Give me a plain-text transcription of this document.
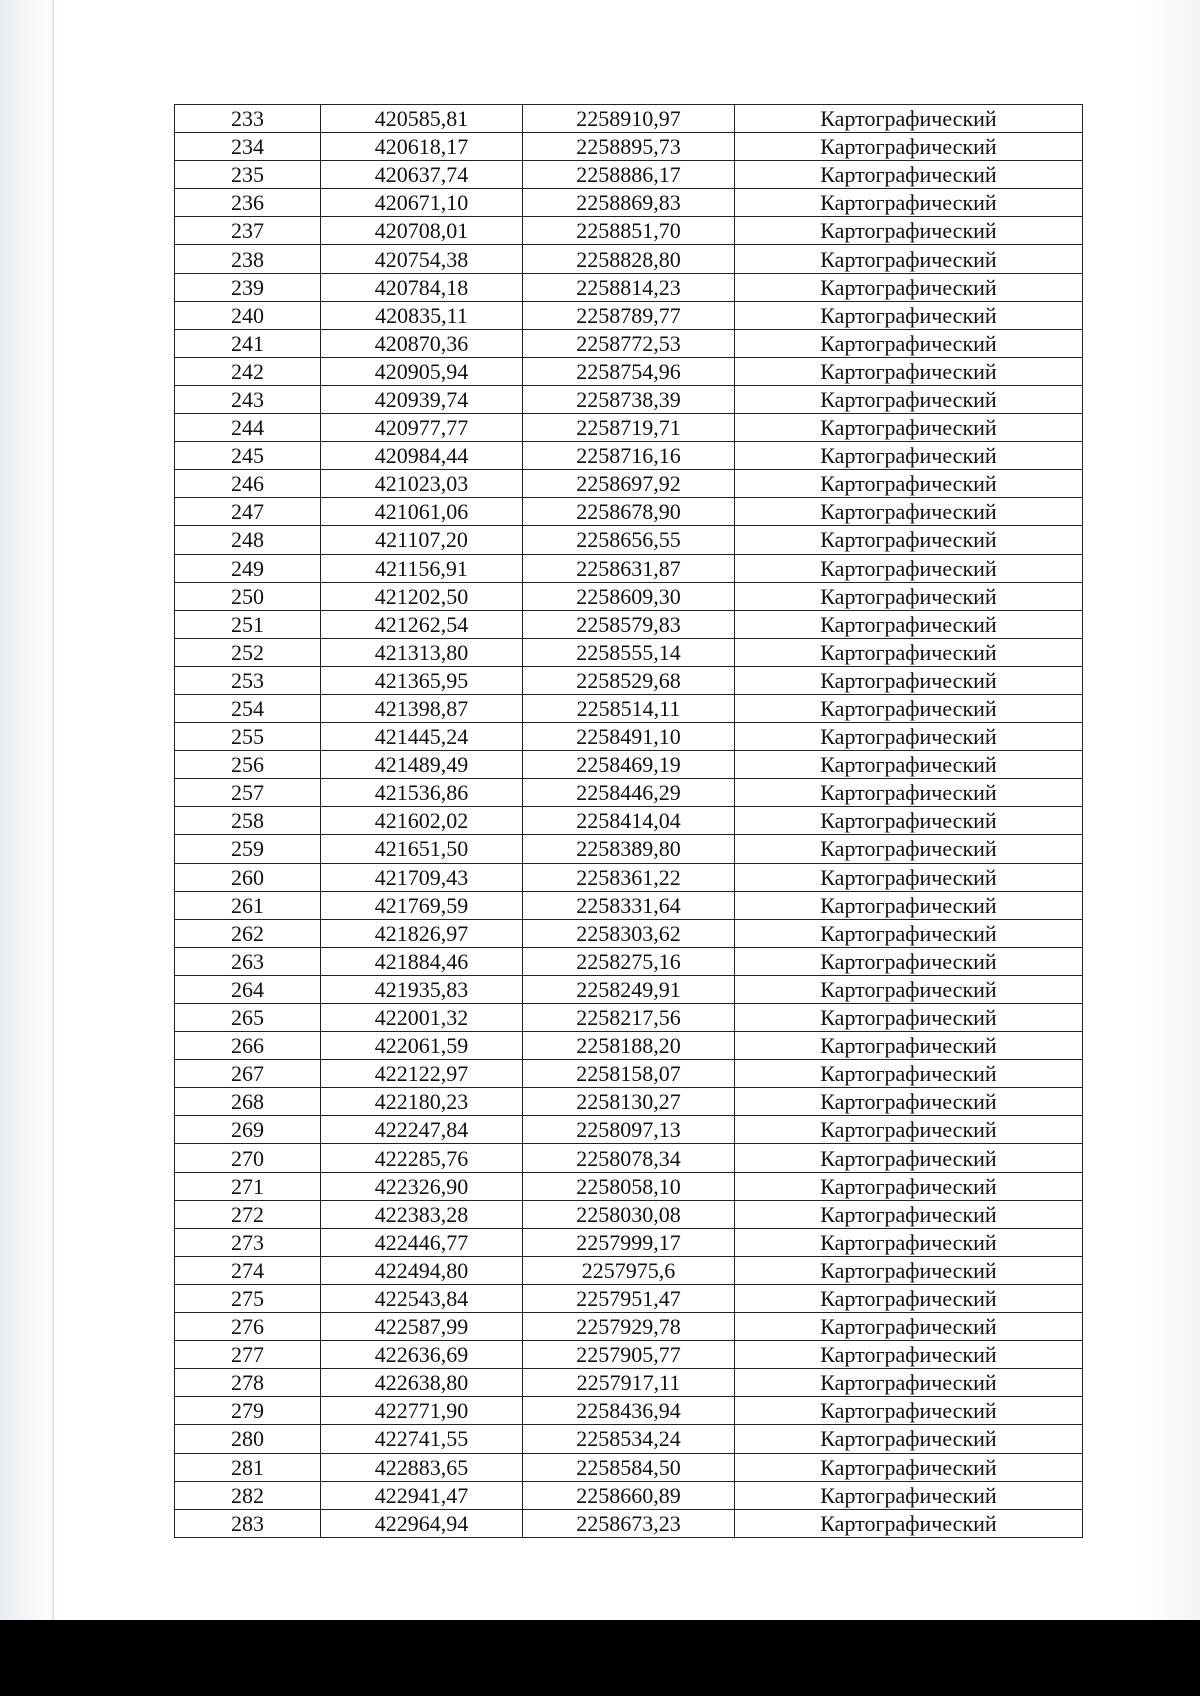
233	420585,81	2258910,97	Картографический
234	420618,17	2258895,73	Картографический
235	420637,74	2258886,17	Картографический
236	420671,10	2258869,83	Картографический
237	420708,01	2258851,70	Картографический
238	420754,38	2258828,80	Картографический
239	420784,18	2258814,23	Картографический
240	420835,11	2258789,77	Картографический
241	420870,36	2258772,53	Картографический
242	420905,94	2258754,96	Картографический
243	420939,74	2258738,39	Картографический
244	420977,77	2258719,71	Картографический
245	420984,44	2258716,16	Картографический
246	421023,03	2258697,92	Картографический
247	421061,06	2258678,90	Картографический
248	421107,20	2258656,55	Картографический
249	421156,91	2258631,87	Картографический
250	421202,50	2258609,30	Картографический
251	421262,54	2258579,83	Картографический
252	421313,80	2258555,14	Картографический
253	421365,95	2258529,68	Картографический
254	421398,87	2258514,11	Картографический
255	421445,24	2258491,10	Картографический
256	421489,49	2258469,19	Картографический
257	421536,86	2258446,29	Картографический
258	421602,02	2258414,04	Картографический
259	421651,50	2258389,80	Картографический
260	421709,43	2258361,22	Картографический
261	421769,59	2258331,64	Картографический
262	421826,97	2258303,62	Картографический
263	421884,46	2258275,16	Картографический
264	421935,83	2258249,91	Картографический
265	422001,32	2258217,56	Картографический
266	422061,59	2258188,20	Картографический
267	422122,97	2258158,07	Картографический
268	422180,23	2258130,27	Картографический
269	422247,84	2258097,13	Картографический
270	422285,76	2258078,34	Картографический
271	422326,90	2258058,10	Картографический
272	422383,28	2258030,08	Картографический
273	422446,77	2257999,17	Картографический
274	422494,80	2257975,6	Картографический
275	422543,84	2257951,47	Картографический
276	422587,99	2257929,78	Картографический
277	422636,69	2257905,77	Картографический
278	422638,80	2257917,11	Картографический
279	422771,90	2258436,94	Картографический
280	422741,55	2258534,24	Картографический
281	422883,65	2258584,50	Картографический
282	422941,47	2258660,89	Картографический
283	422964,94	2258673,23	Картографический
